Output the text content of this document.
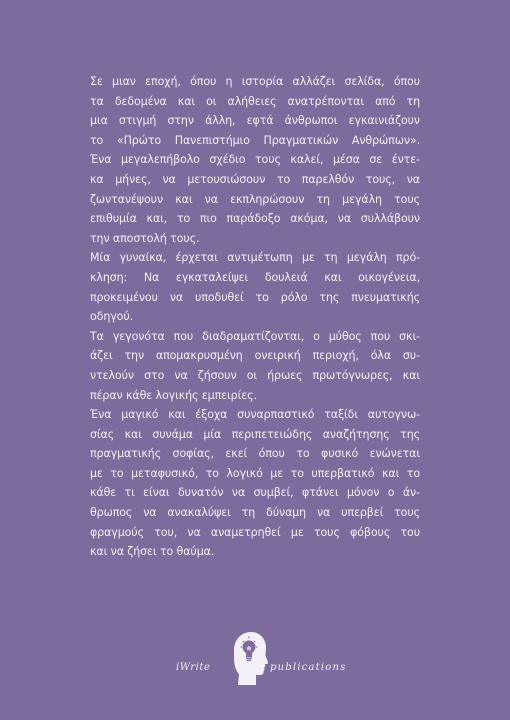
Σε μιαν εποχή, όπου η ιστορία αλλάζει σελίδα, όπου
τα δεδομένα και οι αλήθειες ανατρέπονται από τη
μια στιγμή στην άλλη, εφτά άνθρωποι εγκαινιάζουν
το «Πρώτο Πανεπιστήμιο Πραγματικών Ανθρώπων».
Ένα μεγαλεπήβολο σχέδιο τους καλεί, μέσα σε έντε-
κα μήνες, να μετουσιώσουν το παρελθόν τους, να
ζωντανέψουν και να εκπληρώσουν τη μεγάλη τους
επιθυμία και, το πιο παράδοξο ακόμα, να συλλάβουν
την αποστολή τους.
Μία γυναίκα, έρχεται αντιμέτωπη με τη μεγάλη πρό-
κληση: Να εγκαταλείψει δουλειά και οικογένεια,
προκειμένου να υποδυθεί το ρόλο της πνευματικής
οδηγού.
Τα γεγονότα που διαδραματίζονται, ο μύθος που σκι-
άζει την απομακρυσμένη ονειρική περιοχή, όλα συ-
ντελούν στο να ζήσουν οι ήρωες πρωτόγνωρες, και
πέραν κάθε λογικής εμπειρίες.
Ένα μαγικό και έξοχα συναρπαστικό ταξίδι αυτογνω-
σίας και συνάμα μία περιπετειώδης αναζήτησης της
πραγματικής σοφίας, εκεί όπου το φυσικό ενώνεται
με το μεταφυσικό, το λογικό με το υπερβατικό και το
κάθε τι είναι δυνατόν να συμβεί, φτάνει μόνον ο άν-
θρωπος να ανακαλύψει τη δύναμη να υπερβεί τους
φραγμούς του, να αναμετρηθεί με τους φόβους του
και να ζήσει το θαύμα.
iWrite	publications
